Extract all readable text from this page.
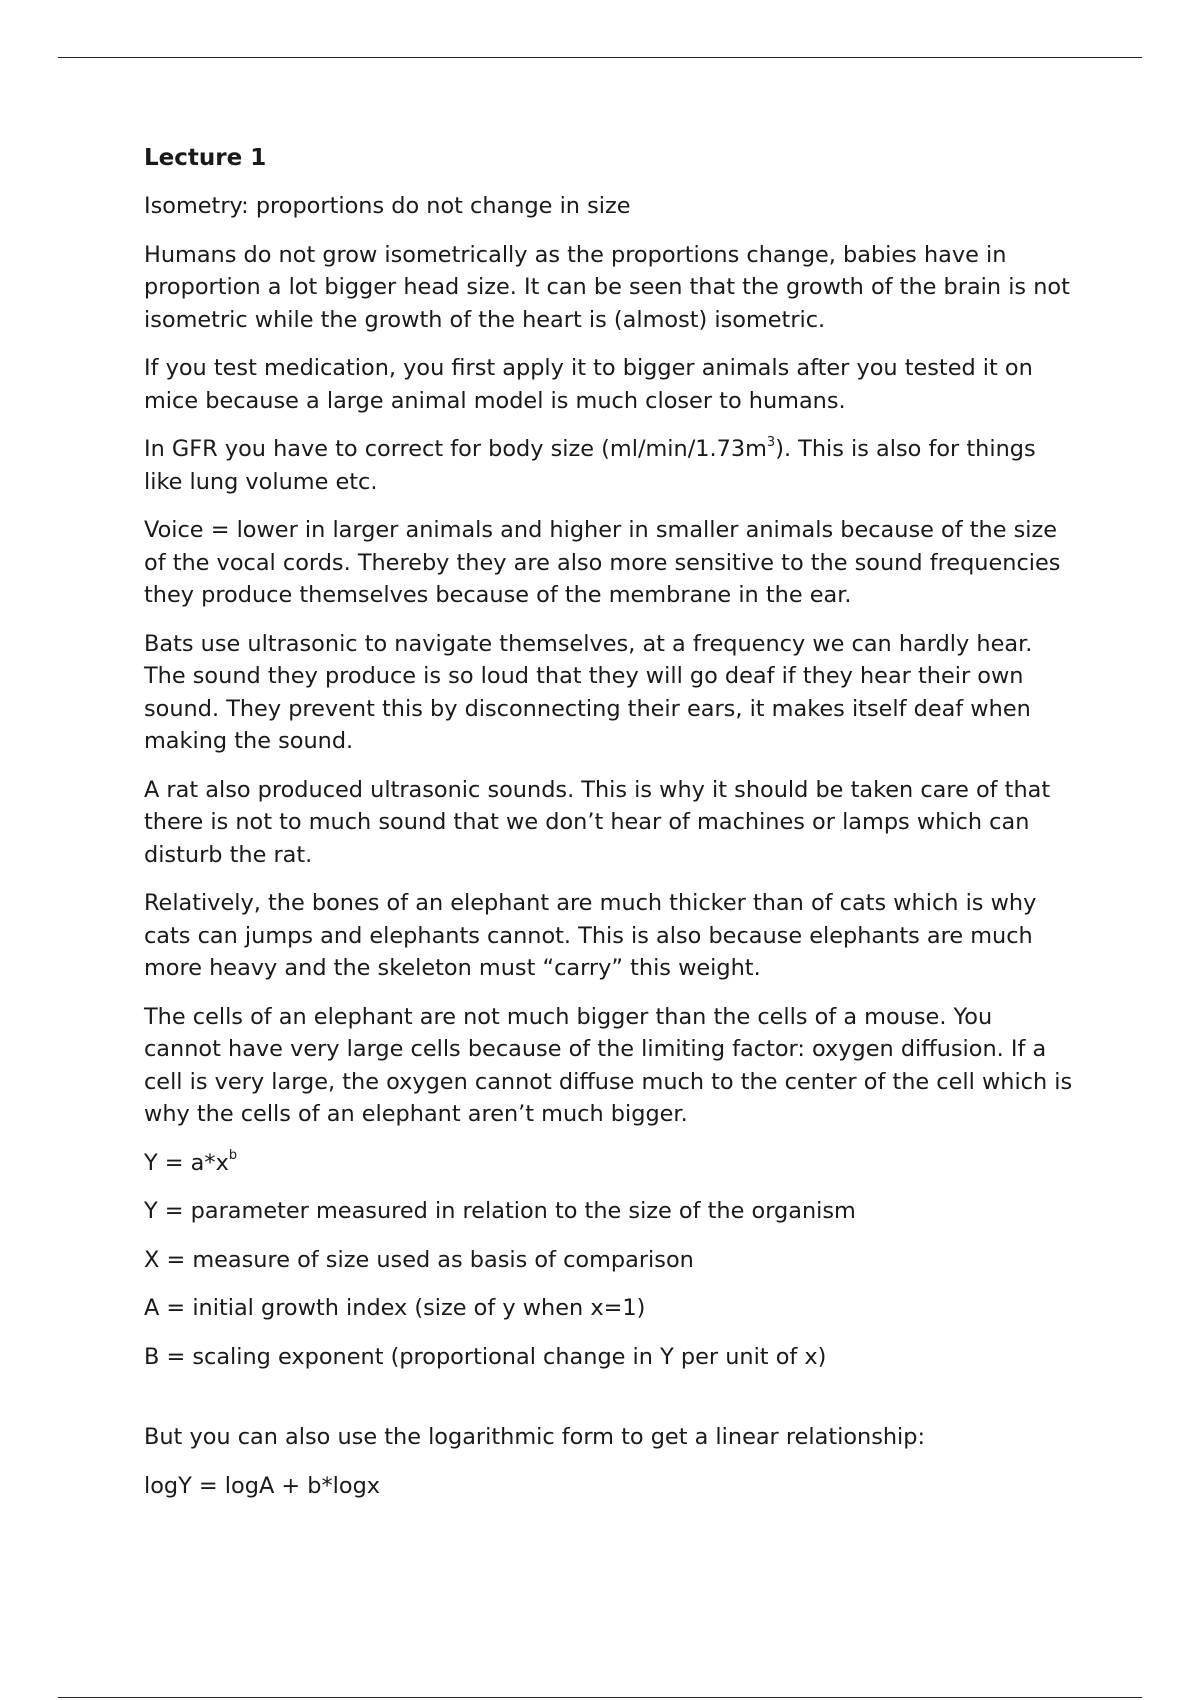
Lecture 1

Isometry: proportions do not change in size

Humans do not grow isometrically as the proportions change, babies have in proportion a lot bigger head size. It can be seen that the growth of the brain is not isometric while the growth of the heart is (almost) isometric.

If you test medication, you first apply it to bigger animals after you tested it on mice because a large animal model is much closer to humans.

In GFR you have to correct for body size $(ml/\min/1.73m^3)$. This is also for things like lung volume etc.

Voice = lower in larger animals and higher in smaller animals because of the size of the vocal cords. Thereby they are also more sensitive to the sound frequencies they produce themselves because of the membrane in the ear.

Bats use ultrasonic to navigate themselves, at a frequency we can hardly hear. The sound they produce is so loud that they will go deaf if they hear their own sound. They prevent this by disconnecting their ears, it makes itself deaf when making the sound.

A rat also produced ultrasonic sounds. This is why it should be taken care of that there is not to much sound that we don’t hear of machines or lamps which can disturb the rat.

Relatively, the bones of an elephant are much thicker than of cats which is why cats can jumps and elephants cannot. This is also because elephants are much more heavy and the skeleton must “carry” this weight.

The cells of an elephant are not much bigger than the cells of a mouse. You cannot have very large cells because of the limiting factor: oxygen diffusion. If a cell is very large, the oxygen cannot diffuse much to the center of the cell which is why the cells of an elephant aren’t much bigger.

$Y = a*x^b$

Y = parameter measured in relation to the size of the organism

X = measure of size used as basis of comparison

A = initial growth index (size of y when x=1)

B = scaling exponent (proportional change in Y per unit of x)

But you can also use the logarithmic form to get a linear relationship:

logY = logA + b*logx
